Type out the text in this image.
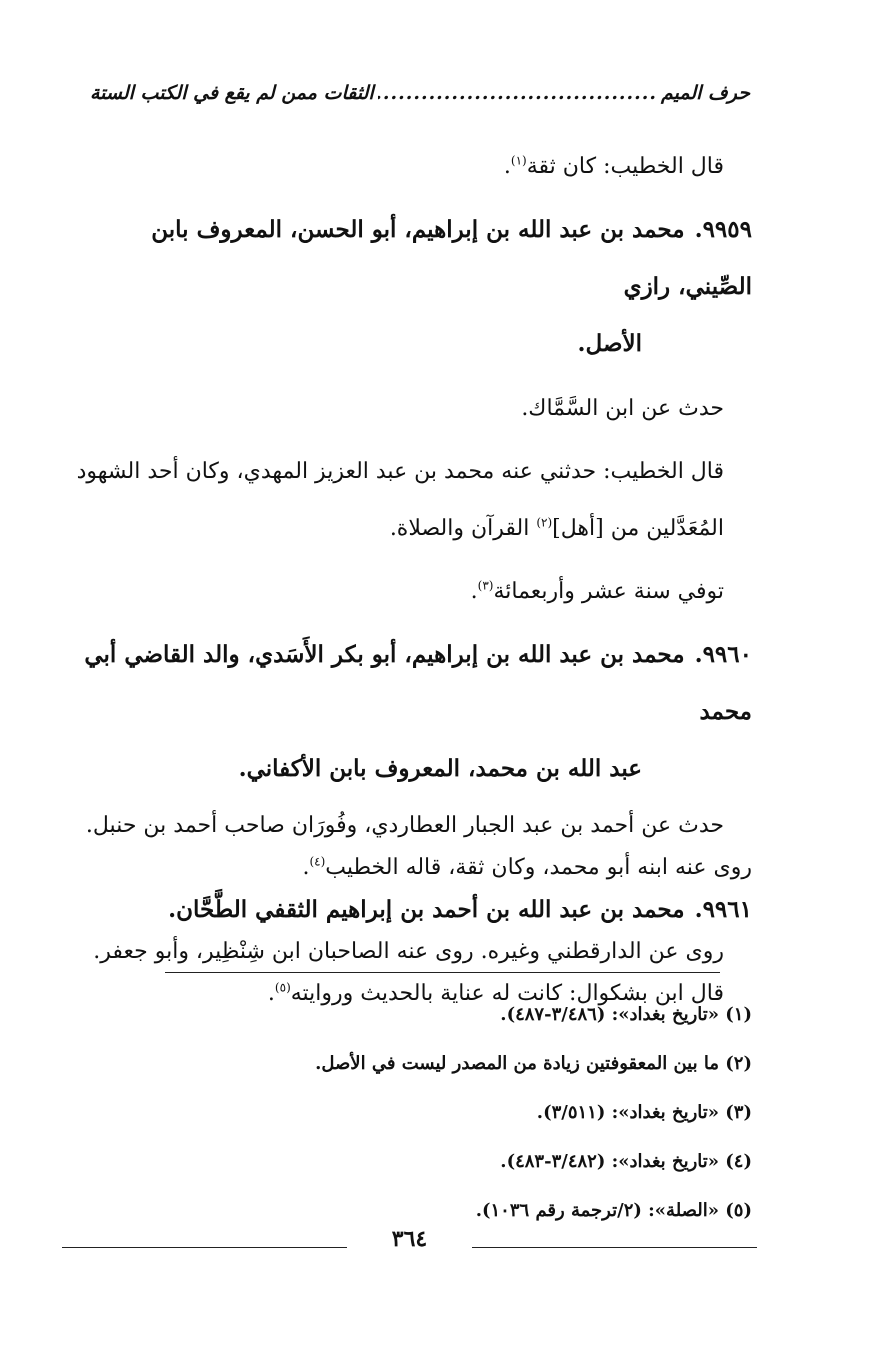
حرف الميم
.....
الثقات ممن لم يقع في الكتب الستة

قال الخطيب: كان ثقة$^{(١)}$.

٩٩٥٩.محمد بن عبد الله بن إبراهيم، أبو الحسن، المعروف بابن الصِّيني، رازي
الأصل.

حدث عن ابن السَّمَّاك.

قال الخطيب: حدثني عنه محمد بن عبد العزيز المهدي، وكان أحد الشهود المُعَدَّلين من [أهل]$^{(٢)}$ القرآن والصلاة.

توفي سنة عشر وأربعمائة$^{(٣)}$.

٩٩٦٠.محمد بن عبد الله بن إبراهيم، أبو بكر الأَسَدي، والد القاضي أبي محمد
عبد الله بن محمد، المعروف بابن الأكفاني.

حدث عن أحمد بن عبد الجبار العطاردي، وفُورَان صاحب أحمد بن حنبل.

روى عنه ابنه أبو محمد، وكان ثقة، قاله الخطيب$^{(٤)}$.

٩٩٦١.محمد بن عبد الله بن أحمد بن إبراهيم الثقفي الطَّحَّان.

روى عن الدارقطني وغيره. روى عنه الصاحبان ابن شِنْظِير، وأبو جعفر.

قال ابن بشكوال: كانت له عناية بالحديث وروايته$^{(٥)}$.

(١) «تاريخ بغداد»: (٣/٤٨٦-٤٨٧).

(٢) ما بين المعقوفتين زيادة من المصدر ليست في الأصل.

(٣) «تاريخ بغداد»: (٣/٥١١).

(٤) «تاريخ بغداد»: (٣/٤٨٢-٤٨٣).

(٥) «الصلة»: (٢/ترجمة رقم ١٠٣٦).

٣٦٤
